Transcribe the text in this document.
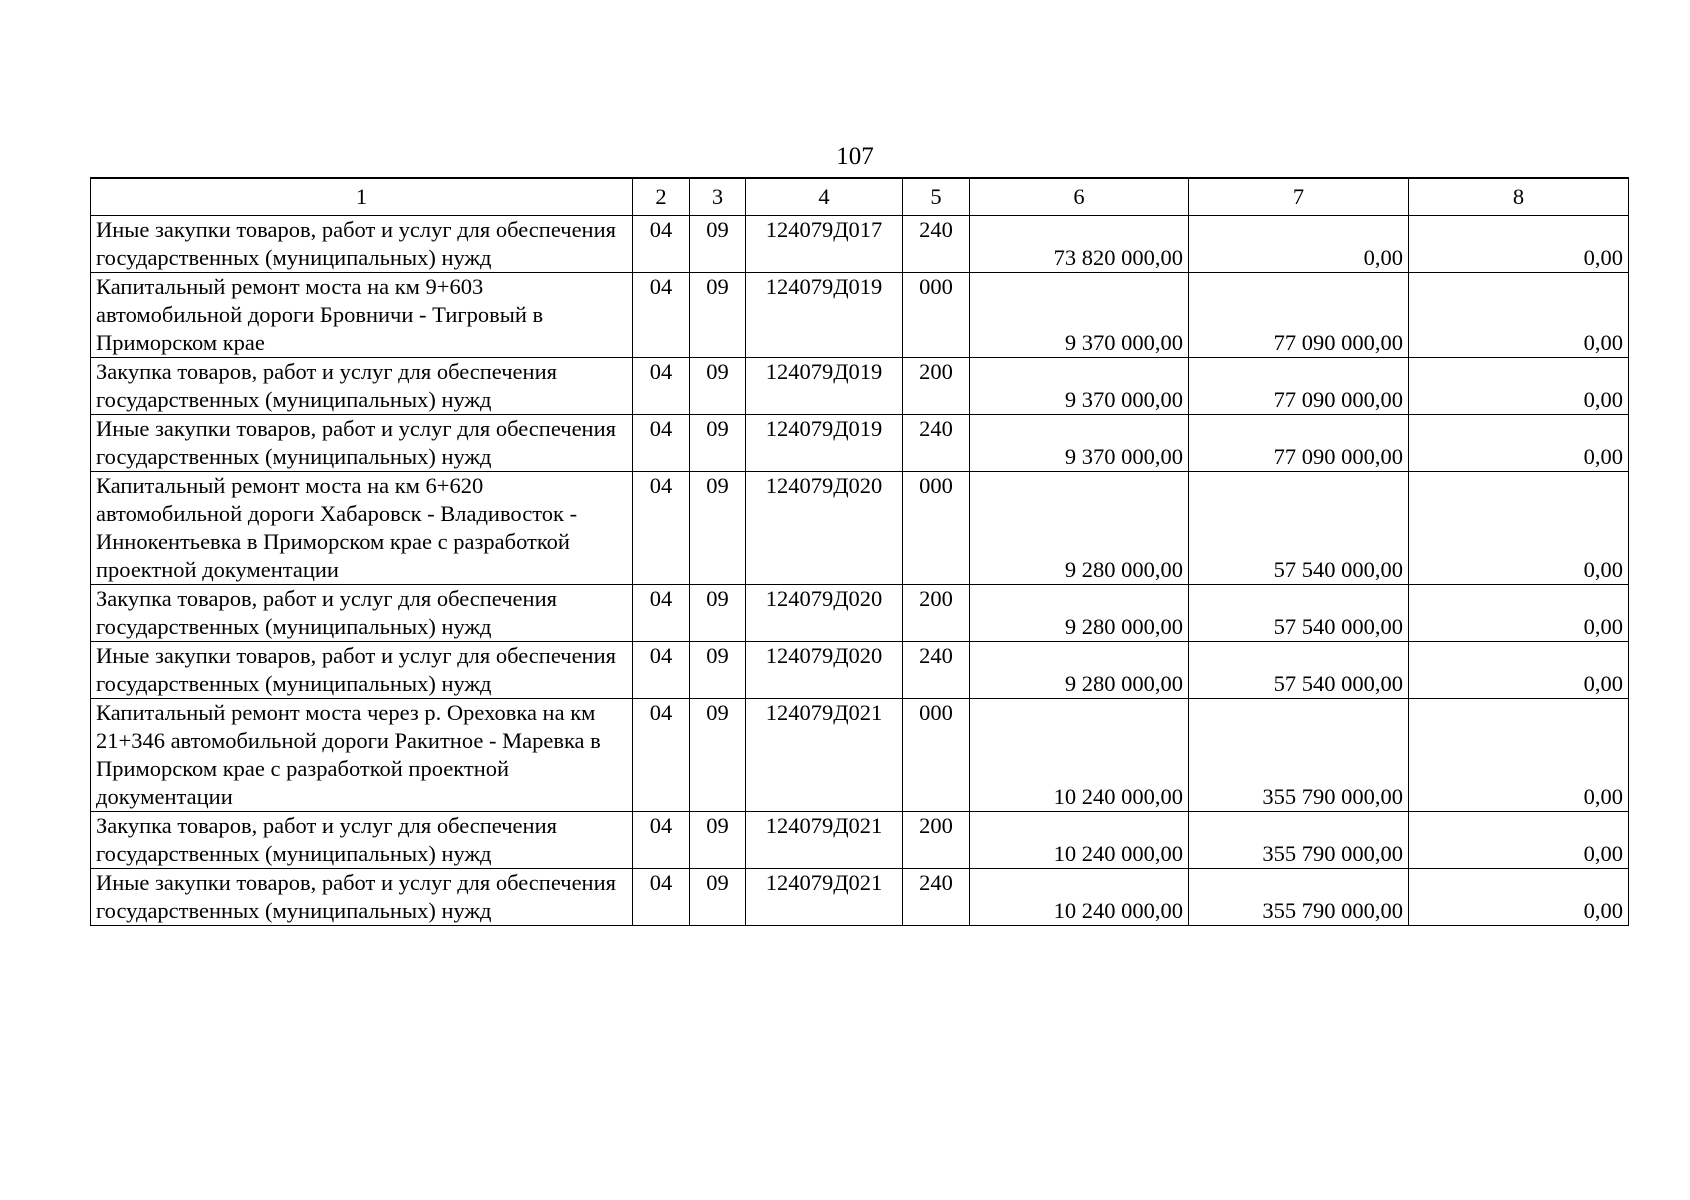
107
1	2	3	4	5	6	7	8
Иные закупки товаров, работ и услуг для обеспечения государственных (муниципальных) нужд	04	09	124079Д017	240	73 820 000,00	0,00	0,00
Капитальный ремонт моста на км 9+603 автомобильной дороги Бровничи - Тигровый в Приморском крае	04	09	124079Д019	000	9 370 000,00	77 090 000,00	0,00
Закупка товаров, работ и услуг для обеспечения государственных (муниципальных) нужд	04	09	124079Д019	200	9 370 000,00	77 090 000,00	0,00
Иные закупки товаров, работ и услуг для обеспечения государственных (муниципальных) нужд	04	09	124079Д019	240	9 370 000,00	77 090 000,00	0,00
Капитальный ремонт моста на км 6+620 автомобильной дороги Хабаровск - Владивосток - Иннокентьевка в Приморском крае с разработкой проектной документации	04	09	124079Д020	000	9 280 000,00	57 540 000,00	0,00
Закупка товаров, работ и услуг для обеспечения государственных (муниципальных) нужд	04	09	124079Д020	200	9 280 000,00	57 540 000,00	0,00
Иные закупки товаров, работ и услуг для обеспечения государственных (муниципальных) нужд	04	09	124079Д020	240	9 280 000,00	57 540 000,00	0,00
Капитальный ремонт моста через р. Ореховка на км 21+346 автомобильной дороги Ракитное - Маревка в Приморском крае с разработкой проектной документации	04	09	124079Д021	000	10 240 000,00	355 790 000,00	0,00
Закупка товаров, работ и услуг для обеспечения государственных (муниципальных) нужд	04	09	124079Д021	200	10 240 000,00	355 790 000,00	0,00
Иные закупки товаров, работ и услуг для обеспечения государственных (муниципальных) нужд	04	09	124079Д021	240	10 240 000,00	355 790 000,00	0,00
